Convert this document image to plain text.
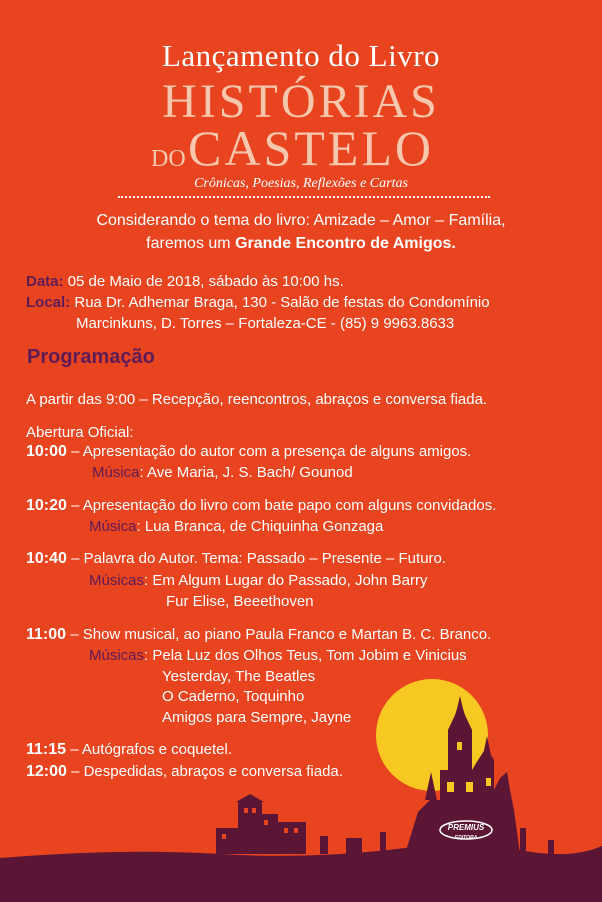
Lançamento do Livro
HISTÓRIAS
DO CASTELO
Crônicas, Poesias, Reflexões e Cartas
Considerando o tema do livro: Amizade – Amor – Família,
faremos um Grande Encontro de Amigos.
Data: 05 de Maio de 2018, sábado às 10:00 hs.
Local: Rua Dr. Adhemar Braga, 130 - Salão de festas do Condomínio
Marcinkuns, D. Torres – Fortaleza-CE - (85) 9 9963.8633
Programação
A partir das 9:00 – Recepção, reencontros, abraços e conversa fiada.
Abertura Oficial:
10:00 – Apresentação do autor com a presença de alguns amigos.
Música: Ave Maria, J. S. Bach/ Gounod
10:20 – Apresentação do livro com bate papo com alguns convidados.
Música: Lua Branca, de Chiquinha Gonzaga
10:40 – Palavra do Autor. Tema: Passado – Presente – Futuro.
Músicas: Em Algum Lugar do Passado, John Barry
Fur Elise, Beeethoven
11:00 – Show musical, ao piano Paula Franco e Martan B. C. Branco.
Músicas: Pela Luz dos Olhos Teus, Tom Jobim e Vinicius
Yesterday, The Beatles
O Caderno, Toquinho
Amigos para Sempre, Jayne
11:15 – Autógrafos e coquetel.
12:00 – Despedidas, abraços e conversa fiada.
PREMIUS
EDITORA
